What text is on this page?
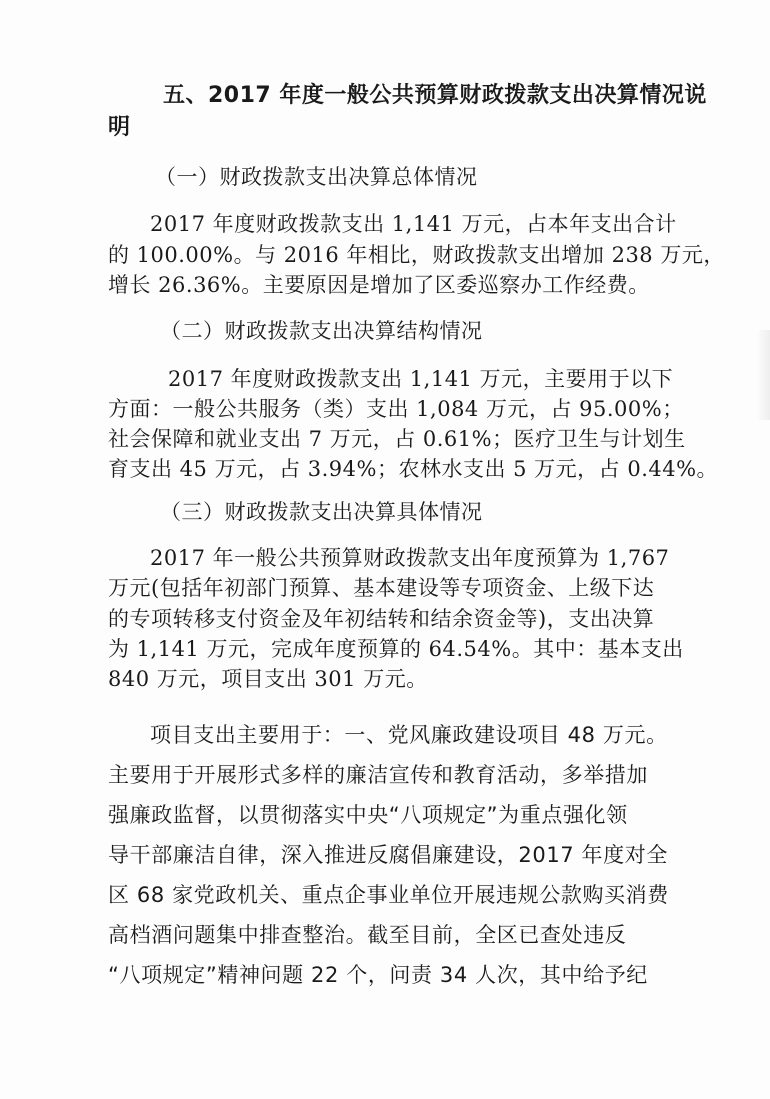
五、2017 年度一般公共预算财政拨款支出决算情况说
明
（一）财政拨款支出决算总体情况
2017 年度财政拨款支出 1,141 万元，占本年支出合计
的 100.00%。与 2016 年相比，财政拨款支出增加 238 万元，
增长 26.36%。主要原因是增加了区委巡察办工作经费。
（二）财政拨款支出决算结构情况
2017 年度财政拨款支出 1,141 万元，主要用于以下
方面：一般公共服务（类）支出 1,084 万元，占 95.00%；
社会保障和就业支出 7 万元，占 0.61%；医疗卫生与计划生
育支出 45 万元，占 3.94%；农林水支出 5 万元，占 0.44%。
（三）财政拨款支出决算具体情况
2017 年一般公共预算财政拨款支出年度预算为 1,767
万元(包括年初部门预算、基本建设等专项资金、上级下达
的专项转移支付资金及年初结转和结余资金等)，支出决算
为 1,141 万元，完成年度预算的 64.54%。其中：基本支出
840 万元，项目支出 301 万元。
项目支出主要用于：一、党风廉政建设项目 48 万元。
主要用于开展形式多样的廉洁宣传和教育活动，多举措加
强廉政监督，以贯彻落实中央“八项规定”为重点强化领
导干部廉洁自律，深入推进反腐倡廉建设，2017 年度对全
区 68 家党政机关、重点企事业单位开展违规公款购买消费
高档酒问题集中排查整治。截至目前，全区已查处违反
“八项规定”精神问题 22 个，问责 34 人次，其中给予纪
